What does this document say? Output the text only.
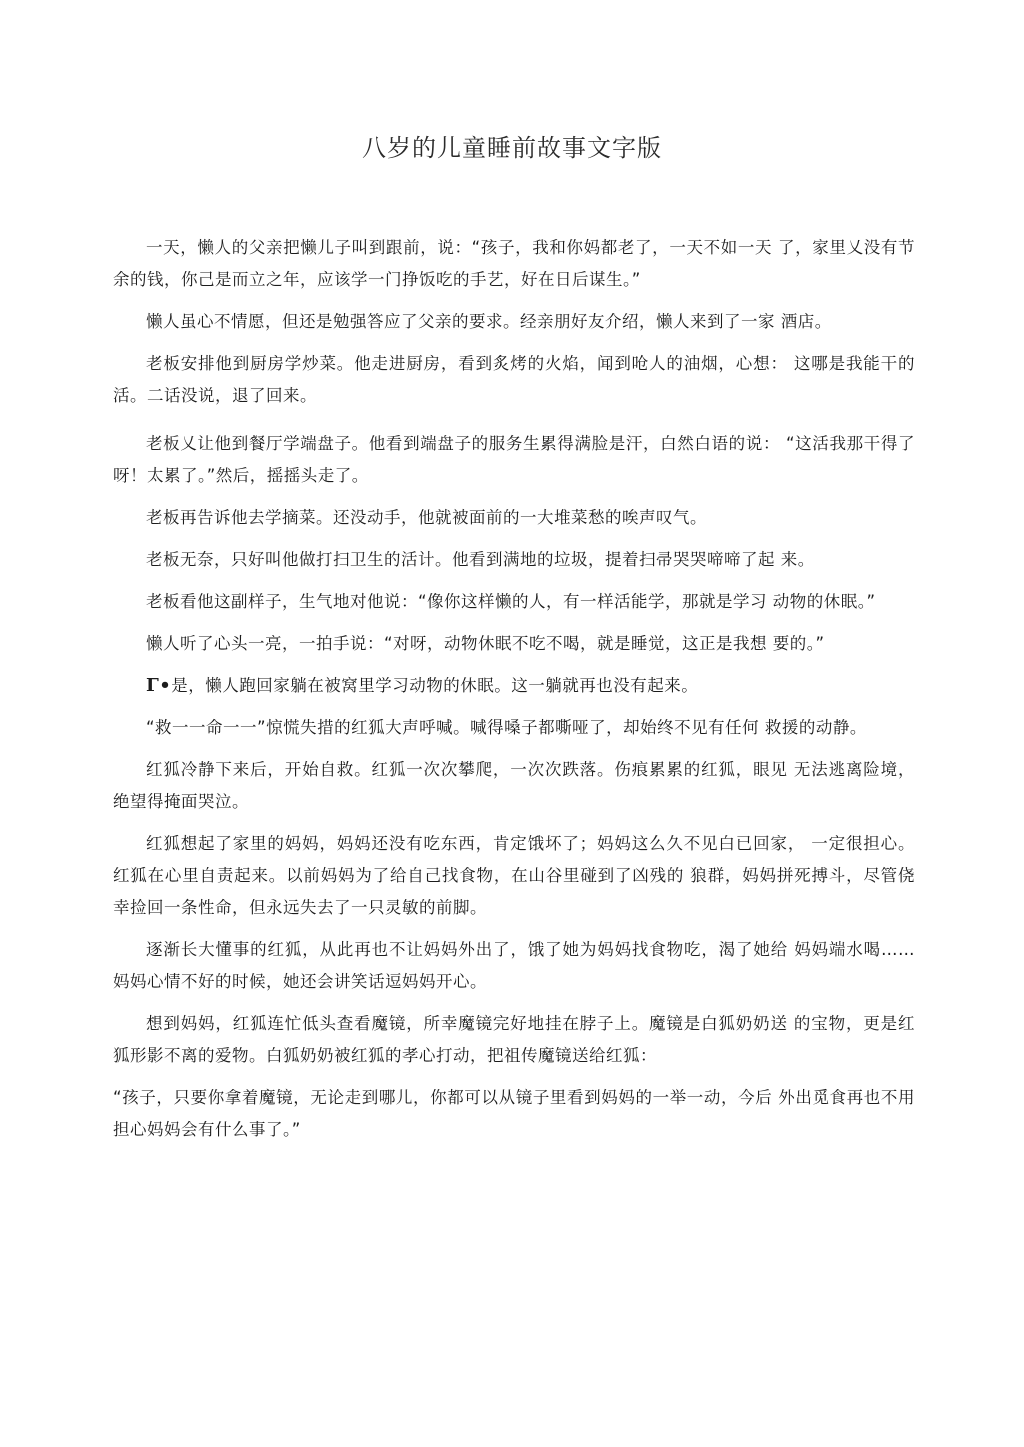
八岁的儿童睡前故事文字版

一天，懒人的父亲把懒儿子叫到跟前，说：“孩子，我和你妈都老了，一天不如一天 了，家里乂没有节余的钱，你己是而立之年，应该学一门挣饭吃的手艺，好在日后谋生。”

懒人虽心不情愿，但还是勉强答应了父亲的要求。经亲朋好友介绍，懒人来到了一家 酒店。

老板安排他到厨房学炒菜。他走进厨房，看到炙烤的火焰，闻到呛人的油烟，心想： 这哪是我能干的活。二话没说，退了回来。

老板乂让他到餐厅学端盘子。他看到端盘子的服务生累得满脸是汗，白然白语的说： “这活我那干得了呀！太累了。”然后，摇摇头走了。

老板再告诉他去学摘菜。还没动手，他就被面前的一大堆菜愁的唉声叹气。

老板无奈，只好叫他做打扫卫生的活计。他看到满地的垃圾，提着扫帚哭哭啼啼了起 来。

老板看他这副样子，生气地对他说：“像你这样懒的人，有一样活能学，那就是学习 动物的休眠。”

懒人听了心头一亮，一拍手说：“对呀，动物休眠不吃不喝，就是睡觉，这正是我想 要的。”

Γ•是，懒人跑回家躺在被窝里学习动物的休眠。这一躺就再也没有起来。

“救一一命一一”惊慌失措的红狐大声呼喊。喊得嗓子都嘶哑了，却始终不见有任何 救援的动静。

红狐冷静下来后，开始自救。红狐一次次攀爬，一次次跌落。伤痕累累的红狐，眼见 无法逃离险境，绝望得掩面哭泣。

红狐想起了家里的妈妈，妈妈还没有吃东西，肯定饿坏了；妈妈这么久不见白已回家， 一定很担心。红狐在心里自责起来。以前妈妈为了给自己找食物，在山谷里碰到了凶残的 狼群，妈妈拼死搏斗，尽管侥幸捡回一条性命，但永远失去了一只灵敏的前脚。

逐渐长大懂事的红狐，从此再也不让妈妈外出了，饿了她为妈妈找食物吃，渴了她给 妈妈端水喝……妈妈心情不好的时候，她还会讲笑话逗妈妈开心。

想到妈妈，红狐连忙低头查看魔镜，所幸魔镜完好地挂在脖子上。魔镜是白狐奶奶送 的宝物，更是红狐形影不离的爱物。白狐奶奶被红狐的孝心打动，把祖传魔镜送给红狐：

“孩子，只要你拿着魔镜，无论走到哪儿，你都可以从镜子里看到妈妈的一举一动，今后 外出觅食再也不用担心妈妈会有什么事了。”
